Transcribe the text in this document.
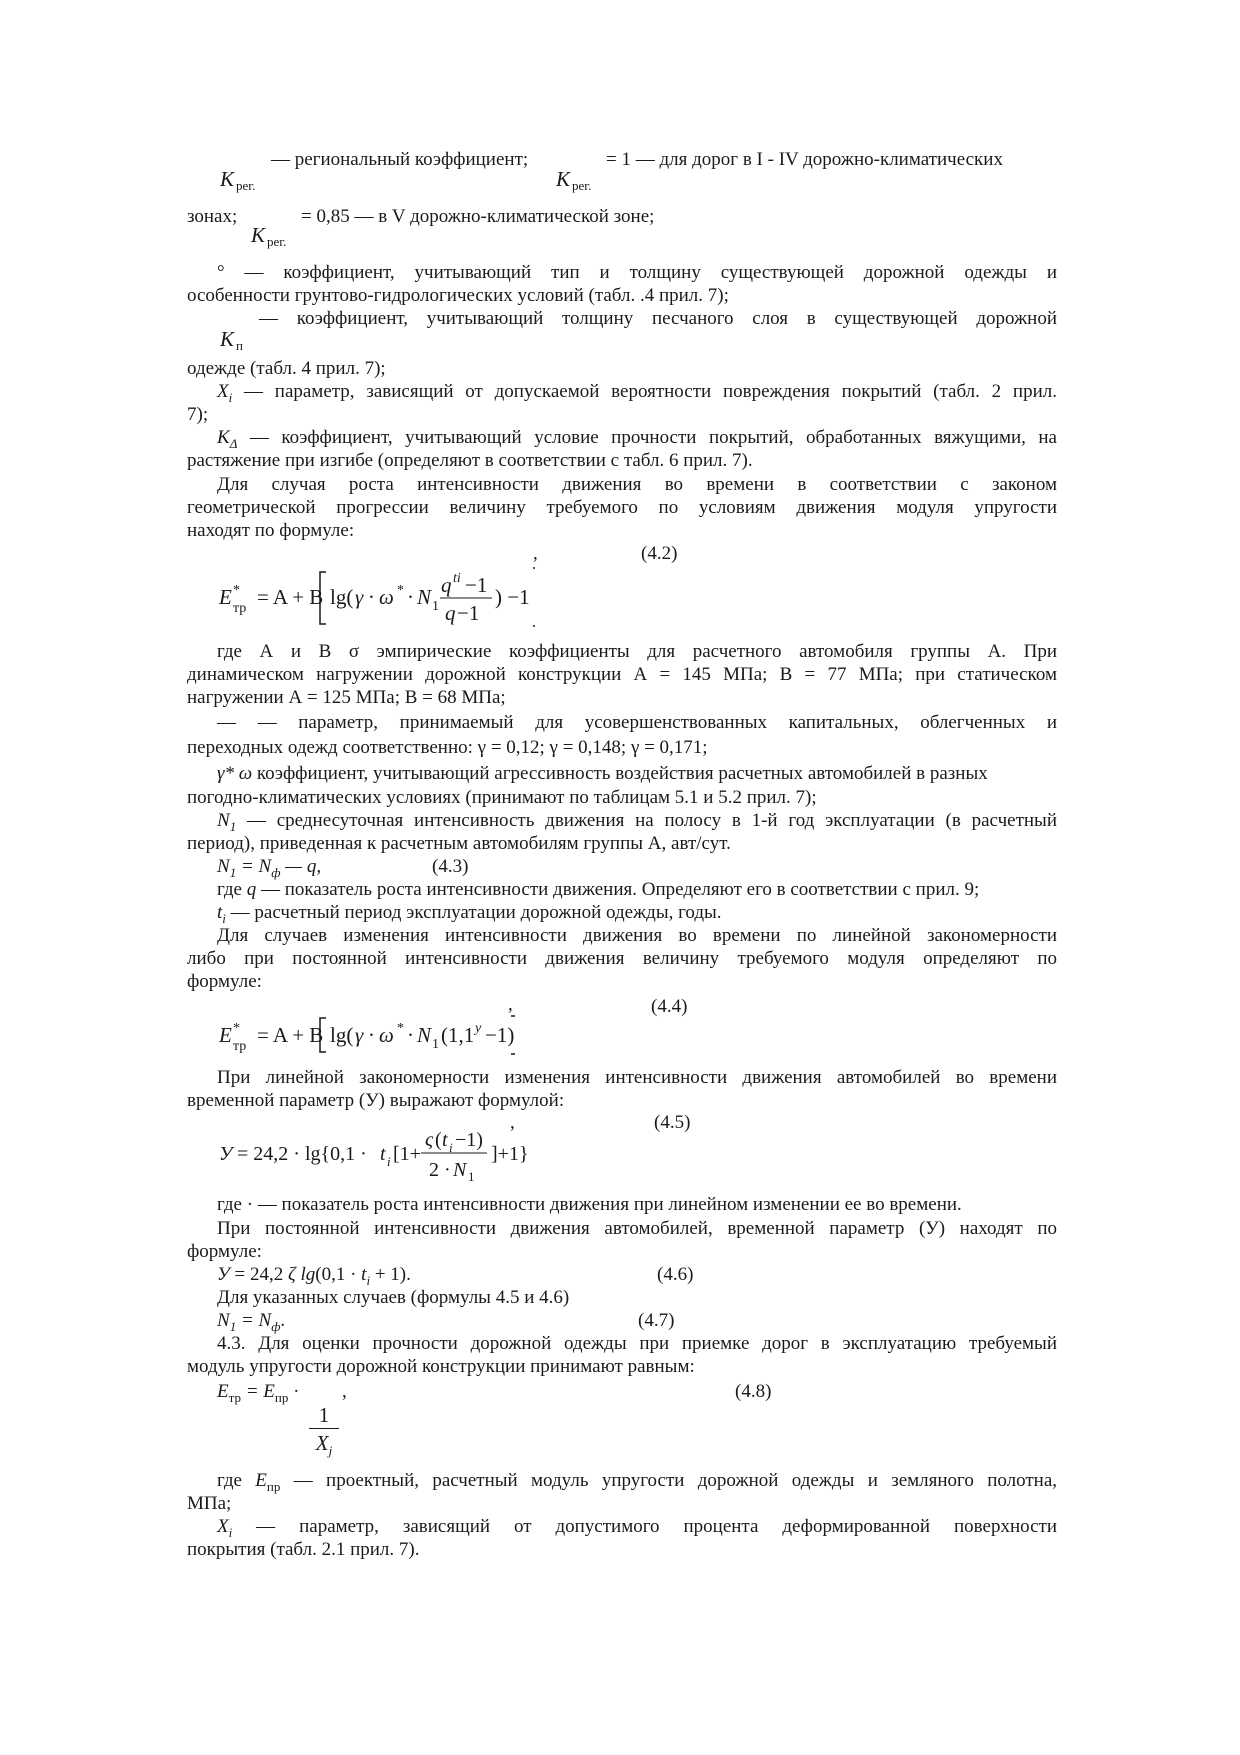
— региональный коэффициент;	= 1 — для дорог в I - IV дорожно-климатических
K $_{рег.}$	K $_{рег.}$
зонах;	= 0,85 — в V дорожно-климатической зоне;
K $_{рег.}$
° — коэффициент, учитывающий тип и толщину существующей дорожной одежды и
особенности грунтово-гидрологических условий (табл. .4 прил. 7);
— коэффициент, учитывающий толщину песчаного слоя в существующей дорожной
K $_п$
одежде (табл. 4 прил. 7);
$X_i$ — параметр, зависящий от допускаемой вероятности повреждения покрытий (табл. 2 прил.
7);
$K_\Delta$ — коэффициент, учитывающий условие прочности покрытий, обработанных вяжущими, на
растяжение при изгибе (определяют в соответствии с табл. 6 прил. 7).
Для случая роста интенсивности движения во времени в соответствии с законом
геометрической прогрессии величину требуемого по условиям движения модуля упругости
находят по формуле:
,	(4.2)
E тр
* = A + B lg( γ · ω * · N 1
q ti −1
q −1
) −1
где А и В σ эмпирические коэффициенты для расчетного автомобиля группы А. При
динамическом нагружении дорожной конструкции А = 145 МПа; В = 77 МПа; при статическом
нагружении А = 125 МПа; В = 68 МПа;
— — параметр, принимаемый для усовершенствованных капитальных, облегченных и
переходных одежд соответственно: γ = 0,12; γ = 0,148; γ = 0,171;
γ* ω коэффициент, учитывающий агрессивность воздействия расчетных автомобилей в разных
погодно-климатических условиях (принимают по таблицам 5.1 и 5.2 прил. 7);
$N_1$ — среднесуточная интенсивность движения на полосу в 1-й год эксплуатации (в расчетный
период), приведенная к расчетным автомобилям группы А, авт/сут.
$N_1 = N_ф$ — q,	(4.3)
где q — показатель роста интенсивности движения. Определяют его в соответствии с прил. 9;
$t_i$ — расчетный период эксплуатации дорожной одежды, годы.
Для случаев изменения интенсивности движения во времени по линейной закономерности
либо при постоянной интенсивности движения величину требуемого модуля определяют по
формуле:
,	(4.4)
E тр
* = A + B lg( γ · ω * · N 1 (1,1 y −1)
При линейной закономерности изменения интенсивности движения автомобилей во времени
временной параметр (У) выражают формулой:
,	(4.5)
У = 24,2 · lg{0,1 · t i [1+
ς ( t i −1)
2 · N 1
]+1}
где · — показатель роста интенсивности движения при линейном изменении ее во времени.
При постоянной интенсивности движения автомобилей, временной параметр (У) находят по
формуле:
У = 24,2 ζ $\lg(0,1 \cdot t_i + 1)$.	(4.6)
Для указанных случаев (формулы 4.5 и 4.6)
$N_1 = N_ф$.	(4.7)
4.3. Для оценки прочности дорожной одежды при приемке дорог в эксплуатацию требуемый
модуль упругости дорожной конструкции принимают равным:
$E_{тр} = E_{пр}$ · ,	(4.8)
1
$X_j$
где $E_{пр}$ — проектный, расчетный модуль упругости дорожной одежды и земляного полотна,
МПа;
$X_i$ — параметр, зависящий от допустимого процента деформированной поверхности
покрытия (табл. 2.1 прил. 7).
